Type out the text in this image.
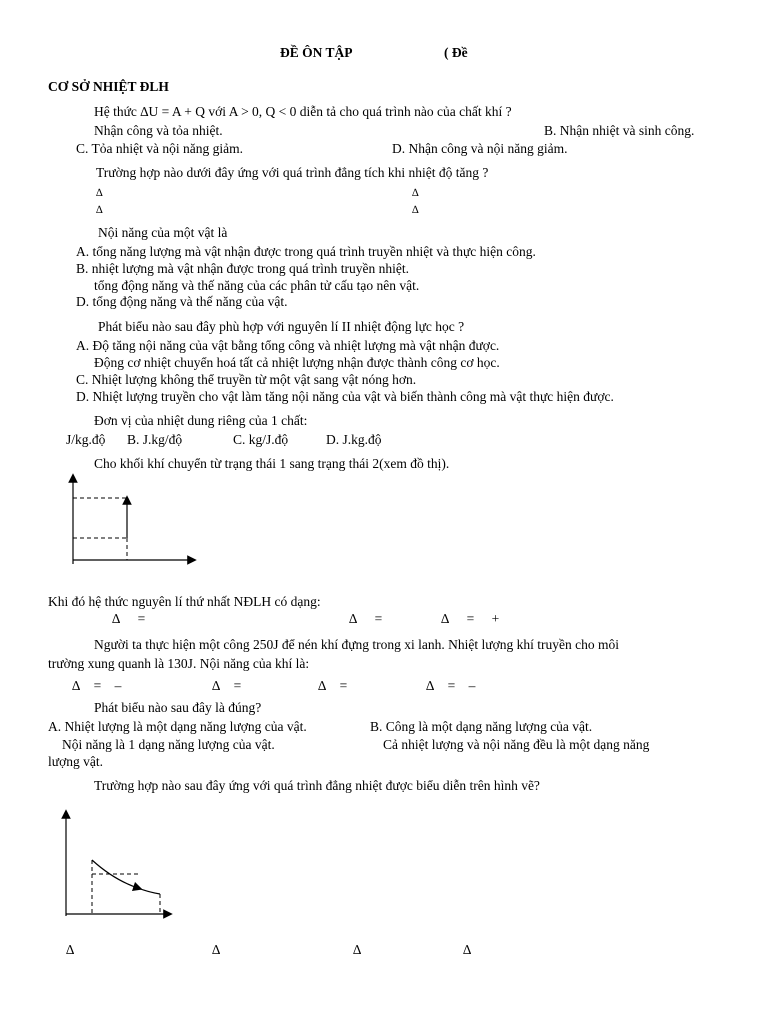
ĐỀ ÔN TẬP	( Đề
CƠ SỞ NHIỆT ĐLH
Hệ thức ∆U = A + Q với A > 0, Q < 0 diễn tả cho quá trình nào của chất khí ?
Nhận công và tỏa nhiệt.	B. Nhận nhiệt và sinh công.
C. Tỏa nhiệt và nội năng giảm.	D. Nhận công và nội năng giảm.
Trường hợp nào dưới đây ứng với quá trình đẳng tích khi nhiệt độ tăng ?
∆	∆
∆	∆
Nội năng của một vật là
A. tổng năng lượng mà vật nhận được trong quá trình truyền nhiệt và thực hiện công.
B. nhiệt lượng mà vật nhận được trong quá trình truyền nhiệt.
tổng động năng và thế năng của các phân tử cấu tạo nên vật.
D. tổng động năng và thế năng của vật.
Phát biểu nào sau đây phù hợp với nguyên lí II nhiệt động lực học ?
A. Độ tăng nội năng của vật bằng tổng công và nhiệt lượng mà vật nhận được.
Động cơ nhiệt chuyển hoá tất cả nhiệt lượng nhận được thành công cơ học.
C. Nhiệt lượng không thể truyền từ một vật sang vật nóng hơn.
D. Nhiệt lượng truyền cho vật làm tăng nội năng của vật và biến thành công mà vật thực hiện được.
Đơn vị của nhiệt dung riêng của 1 chất:
J/kg.độ B. J.kg/độ	C. kg/J.độ	D. J.kg.độ
Cho khối khí chuyển từ trạng thái 1 sang trạng thái 2(xem đồ thị).
Khi đó hệ thức nguyên lí thứ nhất NĐLH có dạng:
∆ =	∆ =	∆ = +
Người ta thực hiện một công 250J để nén khí đựng trong xi lanh. Nhiệt lượng khí truyền cho môi
trường xung quanh là 130J. Nội năng của khí là:
∆ = –	∆ =	∆ =	∆ = –
Phát biểu nào sau đây là đúng?
A. Nhiệt lượng là một dạng năng lượng của vật.	B. Công là một dạng năng lượng của vật.
Nội năng là 1 dạng năng lượng của vật.	Cả nhiệt lượng và nội năng đều là một dạng năng
lượng vật.
Trường hợp nào sau đây ứng với quá trình đẳng nhiệt được biểu diễn trên hình vẽ?
∆	∆	∆	∆
